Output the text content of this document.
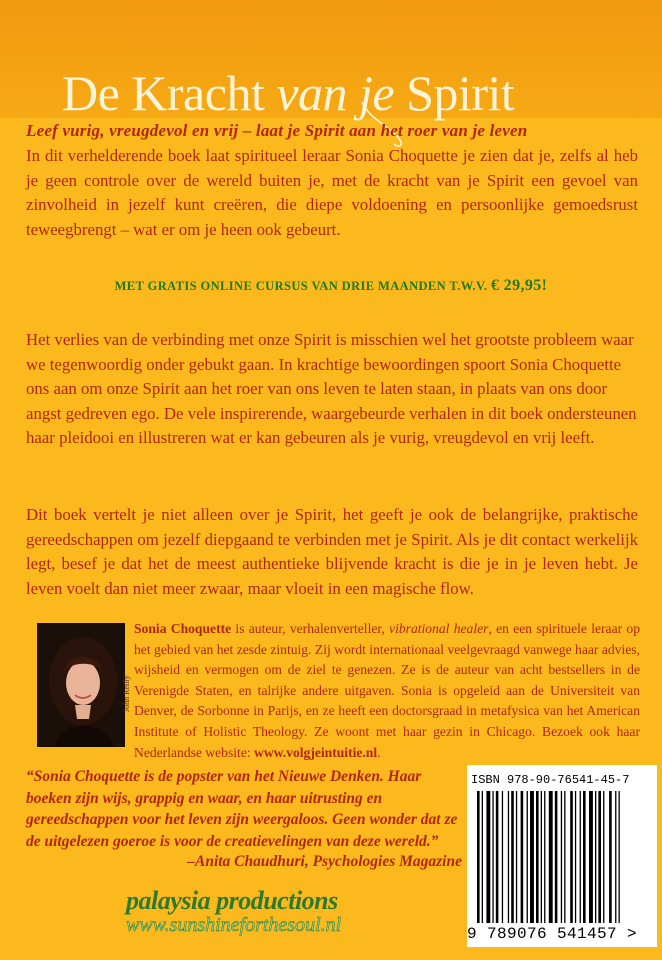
De Kracht van je Spirit
Leef vurig, vreugdevol en vrij – laat je Spirit aan het roer van je leven

In dit verhelderende boek laat spiritueel leraar Sonia Choquette je zien dat je, zelfs al heb je geen controle over de wereld buiten je, met de kracht van je Spirit een gevoel van zinvolheid in jezelf kunt creëren, die diepe voldoening en persoonlijke gemoedsrust teweegbrengt – wat er om je heen ook gebeurt.

MET GRATIS ONLINE CURSUS VAN DRIE MAANDEN T.W.V. € 29,95!

Het verlies van de verbinding met onze Spirit is misschien wel het grootste probleem waar we tegenwoordig onder gebukt gaan. In krachtige bewoordingen spoort Sonia Choquette ons aan om onze Spirit aan het roer van ons leven te laten staan, in plaats van ons door angst gedreven ego. De vele inspirerende, waargebeurde verhalen in dit boek ondersteunen haar pleidooi en illustreren wat er kan gebeuren als je vurig, vreugdevol en vrij leeft.

Dit boek vertelt je niet alleen over je Spirit, het geeft je ook de belangrijke, praktische gereedschappen om jezelf diepgaand te verbinden met je Spirit. Als je dit contact werkelijk legt, besef je dat het de meest authentieke blijvende kracht is die je in je leven hebt. Je leven voelt dan niet meer zwaar, maar vloeit in een magische flow.

John Reilly

Sonia Choquette is auteur, verhalenverteller, vibrational healer, en een spirituele leraar op het gebied van het zesde zintuig. Zij wordt internationaal veelgevraagd vanwege haar advies, wijsheid en vermogen om de ziel te genezen. Ze is de auteur van acht bestsellers in de Verenigde Staten, en talrijke andere uitgaven. Sonia is opgeleid aan de Universiteit van Denver, de Sorbonne in Parijs, en ze heeft een doctorsgraad in metafysica van het American Institute of Holistic Theology. Ze woont met haar gezin in Chicago. Bezoek ook haar Nederlandse website: www.volgjeintuitie.nl.

“Sonia Choquette is de popster van het Nieuwe Denken. Haar boeken zijn wijs, grappig en waar, en haar uitrusting en gereedschappen voor het leven zijn weergaloos. Geen wonder dat ze de uitgelezen goeroe is voor de creatievelingen van deze wereld.”

–Anita Chaudhuri, Psychologies Magazine
palaysia productions
www.sunshineforthesoul.nl
ISBN 978-90-76541-45-7
9 789076 541457 >
